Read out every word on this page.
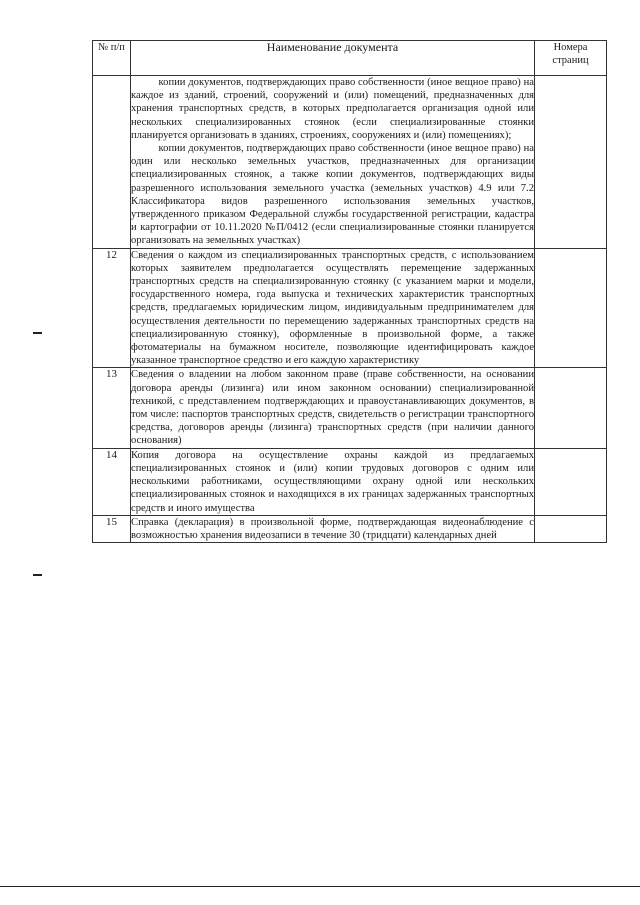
№ п/п	Наименование документа	Номера страниц

	копии документов, подтверждающих право собственности (иное вещное право) на каждое из зданий, строений, сооружений и (или) помещений, предназначенных для хранения транспортных средств, в которых предполагается организация одной или нескольких специализированных стоянок (если специализированные стоянки планируется организовать в зданиях, строениях, сооружениях и (или) помещениях);

копии документов, подтверждающих право собственности (иное вещное право) на один или несколько земельных участков, предназначенных для организации специализированных стоянок, а также копии документов, подтверждающих виды разрешенного использования земельного участка (земельных участков) 4.9 или 7.2 Классификатора видов разрешенного использования земельных участков, утвержденного приказом Федеральной службы государственной регистрации, кадастра и картографии от 10.11.2020 №П/0412 (если специализированные стоянки планируется организовать на земельных участках)	

12	Сведения о каждом из специализированных транспортных средств, с использованием которых заявителем предполагается осуществлять перемещение задержанных транспортных средств на специализированную стоянку (с указанием марки и модели, государственного номера, года выпуска и технических характеристик транспортных средств, предлагаемых юридическим лицом, индивидуальным предпринимателем для осуществления деятельности по перемещению задержанных транспортных средств на специализированную стоянку), оформленные в произвольной форме, а также фотоматериалы на бумажном носителе, позволяющие идентифицировать каждое указанное транспортное средство и его каждую характеристику	
13	Сведения о владении на любом законном праве (праве собственности, на основании договора аренды (лизинга) или ином законном основании) специализированной техникой, с представлением подтверждающих и правоустанавливающих документов, в том числе: паспортов транспортных средств, свидетельств о регистрации транспортного средства, договоров аренды (лизинга) транспортных средств (при наличии данного основания)	
14	Копия договора на осуществление охраны каждой из предлагаемых специализированных стоянок и (или) копии трудовых договоров с одним или несколькими работниками, осуществляющими охрану одной или нескольких специализированных стоянок и находящихся в их границах задержанных транспортных средств и иного имущества	
15	Справка (декларация) в произвольной форме, подтверждающая видеонаблюдение с возможностью хранения видеозаписи в течение 30 (тридцати) календарных дней	
